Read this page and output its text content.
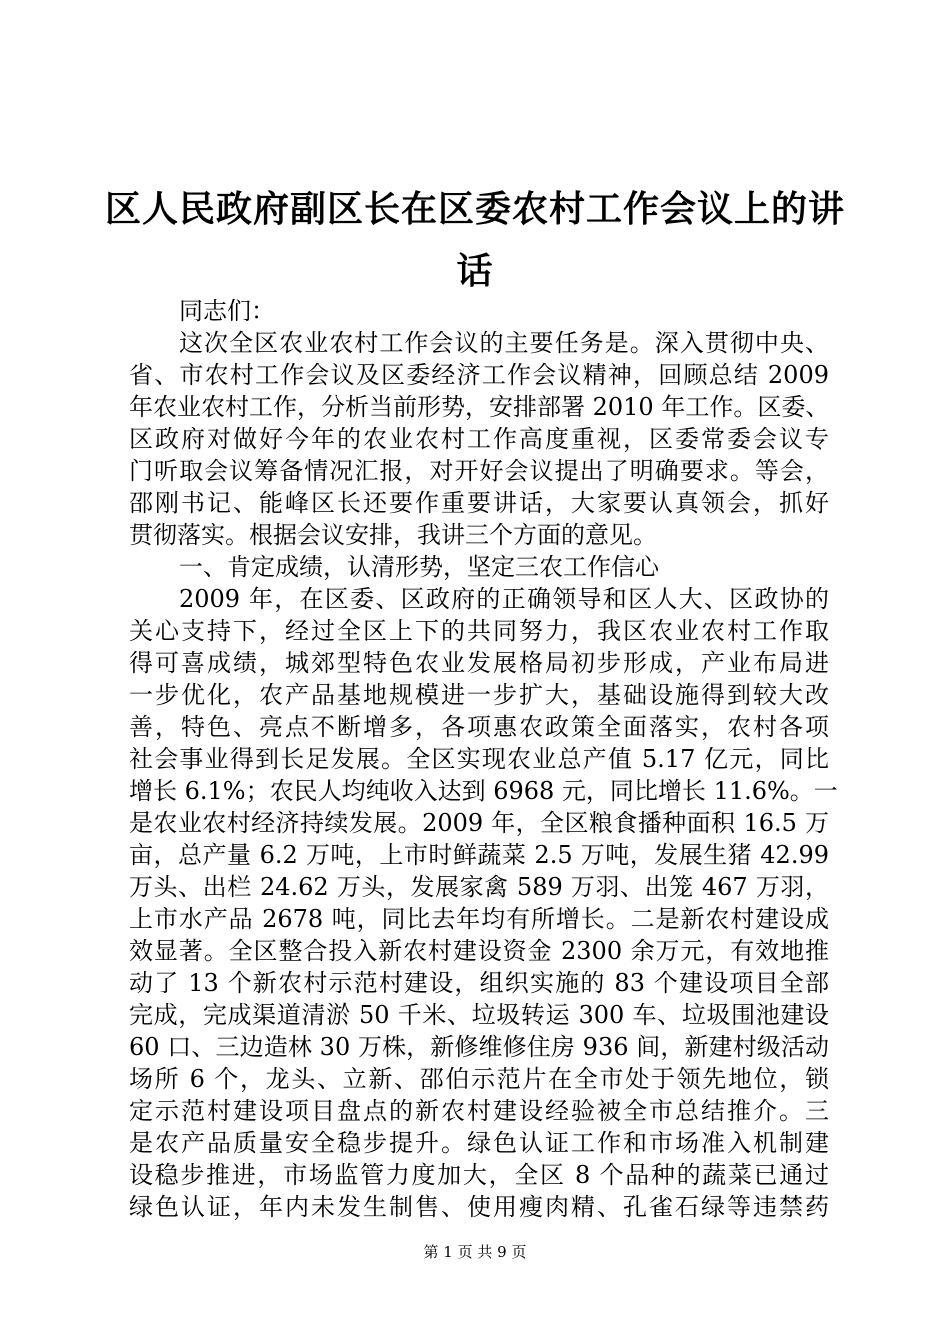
区人民政府副区长在区委农村工作会议上的讲
话
同志们：
这次全区农业农村工作会议的主要任务是。深入贯彻中央、
省、市农村工作会议及区委经济工作会议精神，回顾总结 2009
年农业农村工作，分析当前形势，安排部署 2010 年工作。区委、
区政府对做好今年的农业农村工作高度重视，区委常委会议专
门听取会议筹备情况汇报，对开好会议提出了明确要求。等会，
邵刚书记、能峰区长还要作重要讲话，大家要认真领会，抓好
贯彻落实。根据会议安排，我讲三个方面的意见。
一、肯定成绩，认清形势，坚定三农工作信心
2009 年，在区委、区政府的正确领导和区人大、区政协的
关心支持下，经过全区上下的共同努力，我区农业农村工作取
得可喜成绩，城郊型特色农业发展格局初步形成，产业布局进
一步优化，农产品基地规模进一步扩大，基础设施得到较大改
善，特色、亮点不断增多，各项惠农政策全面落实，农村各项
社会事业得到长足发展。全区实现农业总产值 5.17 亿元，同比
增长 6.1%；农民人均纯收入达到 6968 元，同比增长 11.6%。一
是农业农村经济持续发展。2009 年，全区粮食播种面积 16.5 万
亩，总产量 6.2 万吨，上市时鲜蔬菜 2.5 万吨，发展生猪 42.99
万头、出栏 24.62 万头，发展家禽 589 万羽、出笼 467 万羽，
上市水产品 2678 吨，同比去年均有所增长。二是新农村建设成
效显著。全区整合投入新农村建设资金 2300 余万元，有效地推
动了 13 个新农村示范村建设，组织实施的 83 个建设项目全部
完成，完成渠道清淤 50 千米、垃圾转运 300 车、垃圾围池建设
60 口、三边造林 30 万株，新修维修住房 936 间，新建村级活动
场所 6 个，龙头、立新、邵伯示范片在全市处于领先地位，锁
定示范村建设项目盘点的新农村建设经验被全市总结推介。三
是农产品质量安全稳步提升。绿色认证工作和市场准入机制建
设稳步推进，市场监管力度加大，全区 8 个品种的蔬菜已通过
绿色认证，年内未发生制售、使用瘦肉精、孔雀石绿等违禁药
第 1 页 共 9 页
